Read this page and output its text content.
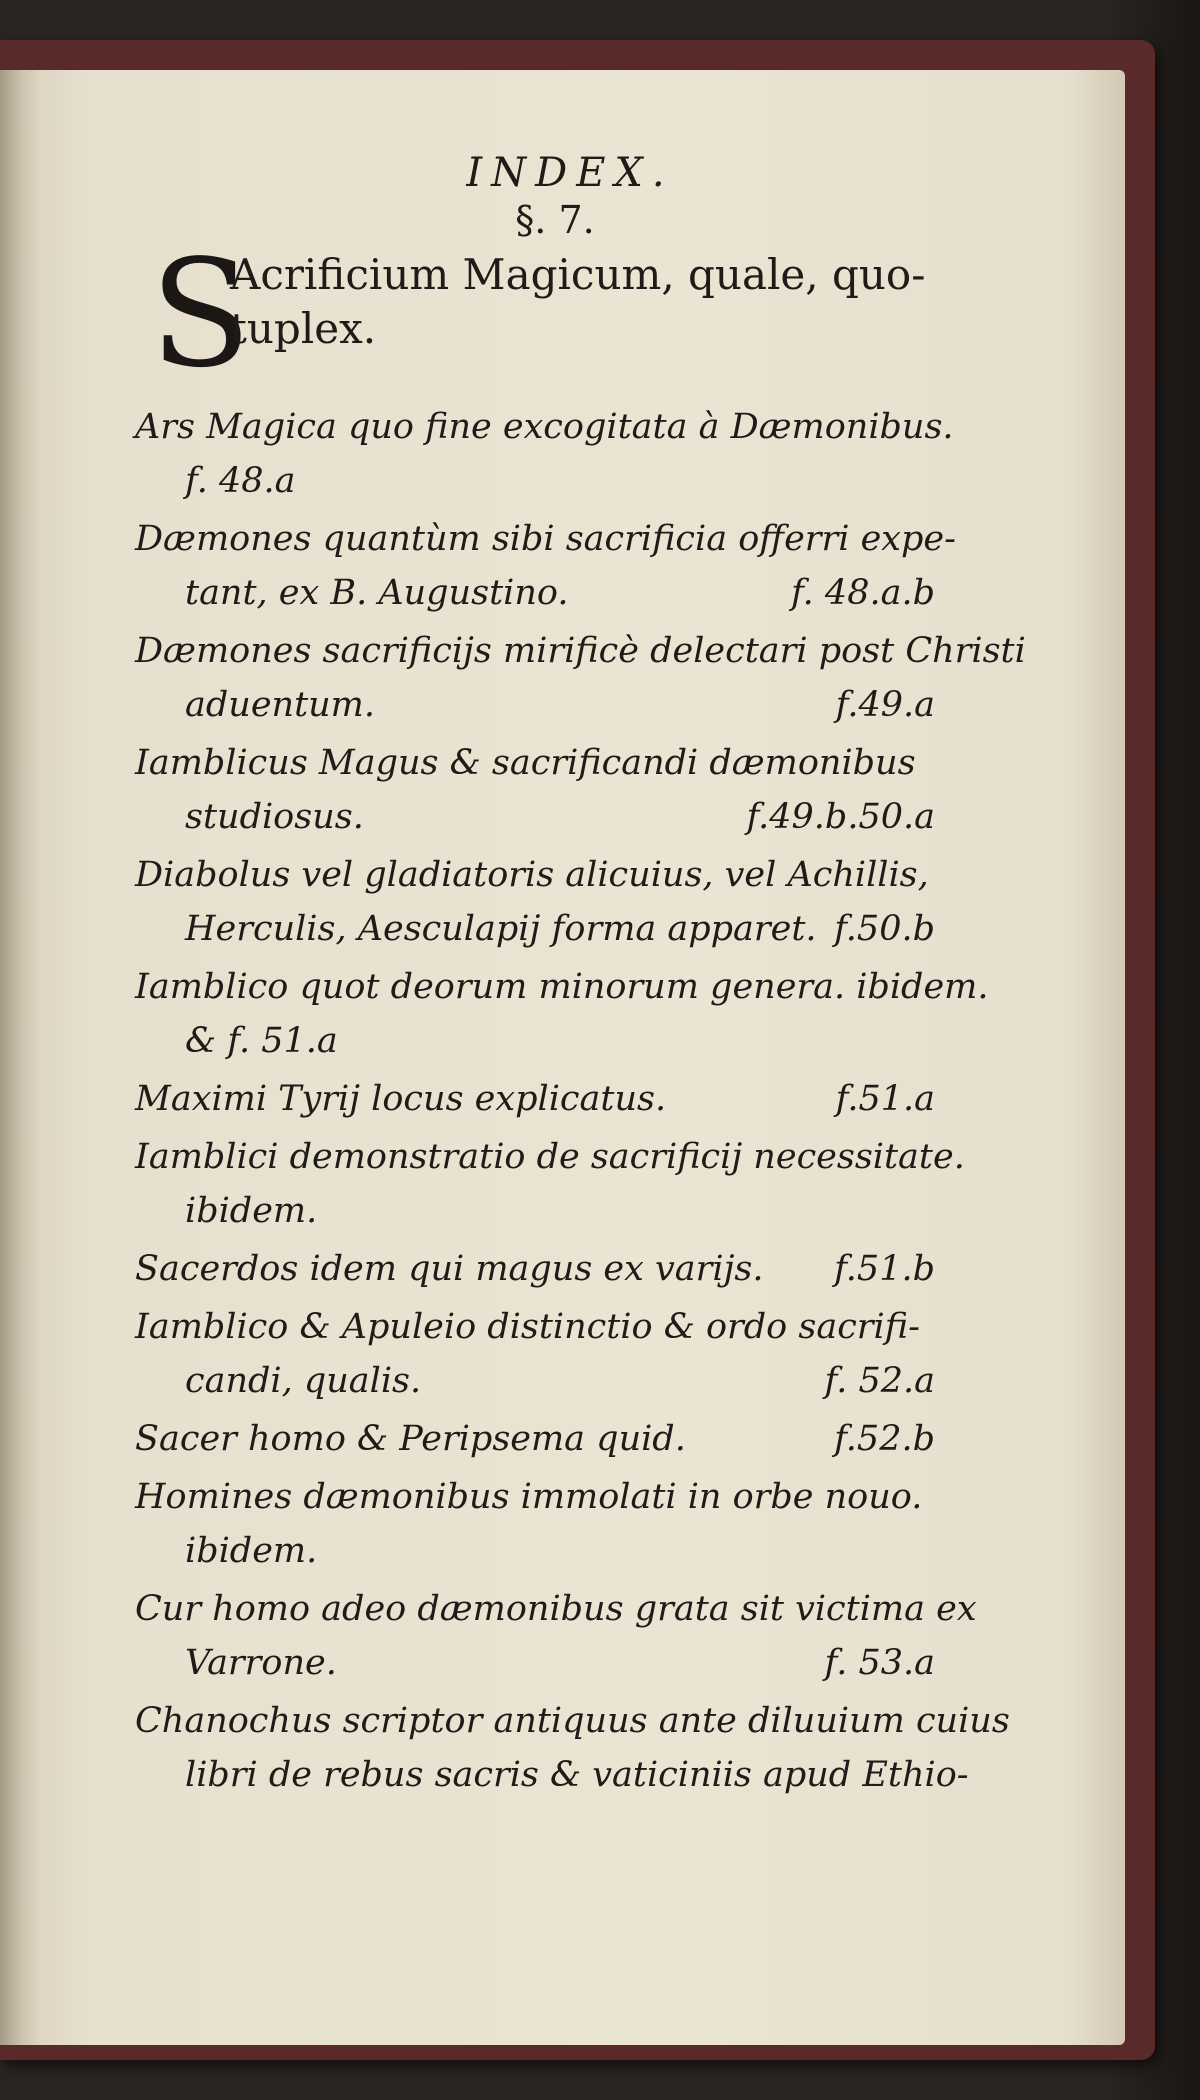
INDEX.
§. 7.
S
Acrificium Magicum, quale, quo-
tuplex.
Ars Magica quo fine excogitata à Dæmonibus.
f. 48.a
Dæmones quantùm sibi sacrificia offerri expe-
tant, ex B. Augustino.	f. 48.a.b
Dæmones sacrificijs mirificè delectari post Christi
aduentum.	f.49.a
Iamblicus Magus & sacrificandi dæmonibus
studiosus.	f.49.b.50.a
Diabolus vel gladiatoris alicuius, vel Achillis,
Herculis, Aesculapij forma apparet. f.50.b
Iamblico quot deorum minorum genera. ibidem.
& f. 51.a
Maximi Tyrij locus explicatus.	f.51.a
Iamblici demonstratio de sacrificij necessitate.
ibidem.
Sacerdos idem qui magus ex varijs. f.51.b
Iamblico & Apuleio distinctio & ordo sacrifi-
candi, qualis.	f. 52.a
Sacer homo & Peripsema quid.	f.52.b
Homines dæmonibus immolati in orbe nouo.
ibidem.
Cur homo adeo dæmonibus grata sit victima ex
Varrone.	f. 53.a
Chanochus scriptor antiquus ante diluuium cuius
libri de rebus sacris & vaticiniis apud Ethio-
